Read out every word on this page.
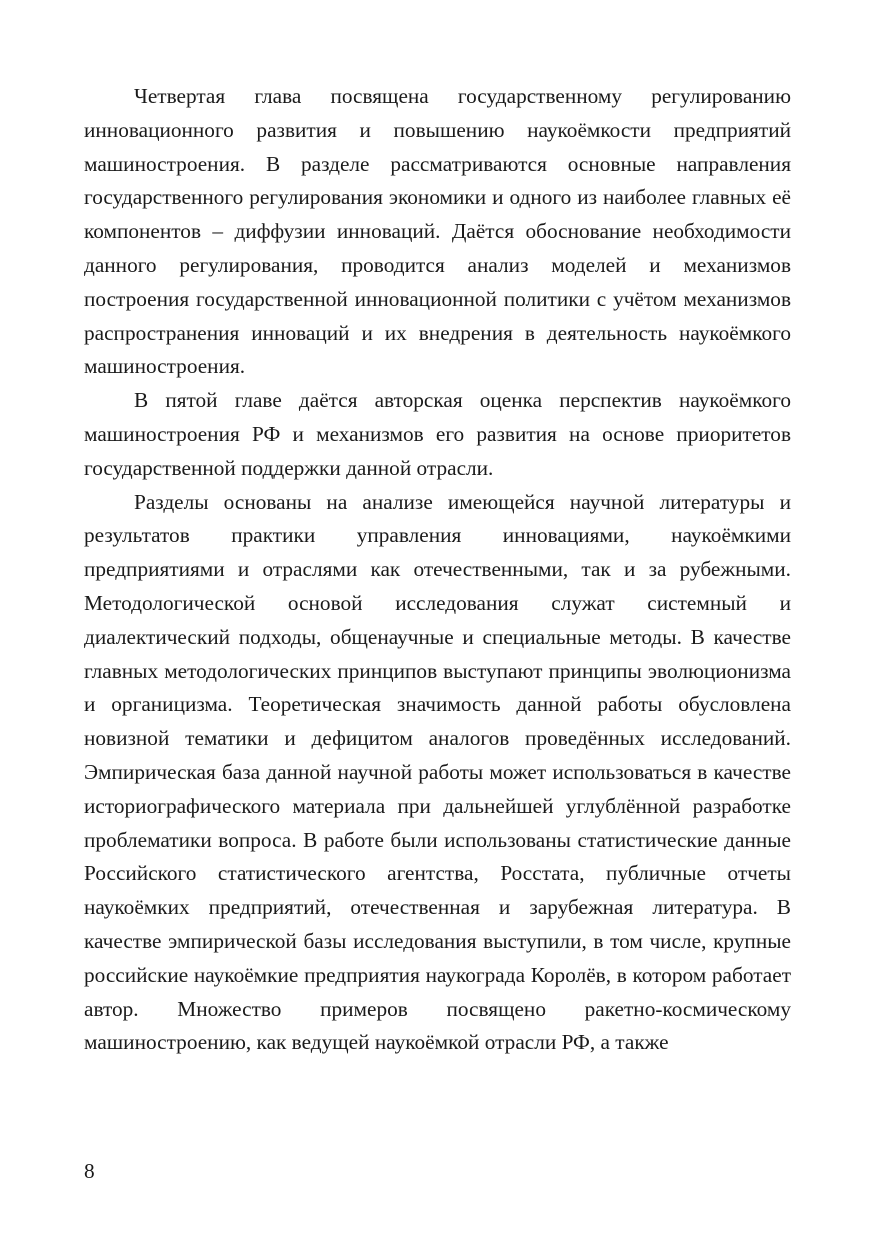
Четвертая глава посвящена государственному регулированию инновационного развития и повышению наукоёмкости предприятий машиностроения. В разделе рассматриваются основные направления государственного регулирования экономики и одного из наиболее главных её компонентов – диффузии инноваций. Даётся обоснование необходимости данного регулирования, проводится анализ моделей и механизмов построения государственной инновационной политики с учётом механизмов распространения инноваций и их внедрения в деятельность наукоёмкого машиностроения.

В пятой главе даётся авторская оценка перспектив наукоёмкого машиностроения РФ и механизмов его развития на основе приоритетов государственной поддержки данной отрасли.

Разделы основаны на анализе имеющейся научной литературы и результатов практики управления инновациями, наукоёмкими предприятиями и отраслями как отечественными, так и за рубежными. Методологической основой исследования служат системный и диалектический подходы, общенаучные и специальные методы. В качестве главных методологических принципов выступают принципы эволюционизма и органицизма. Теоретическая значимость данной работы обусловлена новизной тематики и дефицитом аналогов проведённых исследований. Эмпирическая база данной научной работы может использоваться в качестве историографического материала при дальнейшей углублённой разработке проблематики вопроса. В работе были использованы статистические данные Российского статистического агентства, Росстата, публичные отчеты наукоёмких предприятий, отечественная и зарубежная литература. В качестве эмпирической базы исследования выступили, в том числе, крупные российские наукоёмкие предприятия наукограда Королёв, в котором работает автор. Множество примеров посвящено ракетно-космическому машиностроению, как ведущей наукоёмкой отрасли РФ, а также

8
